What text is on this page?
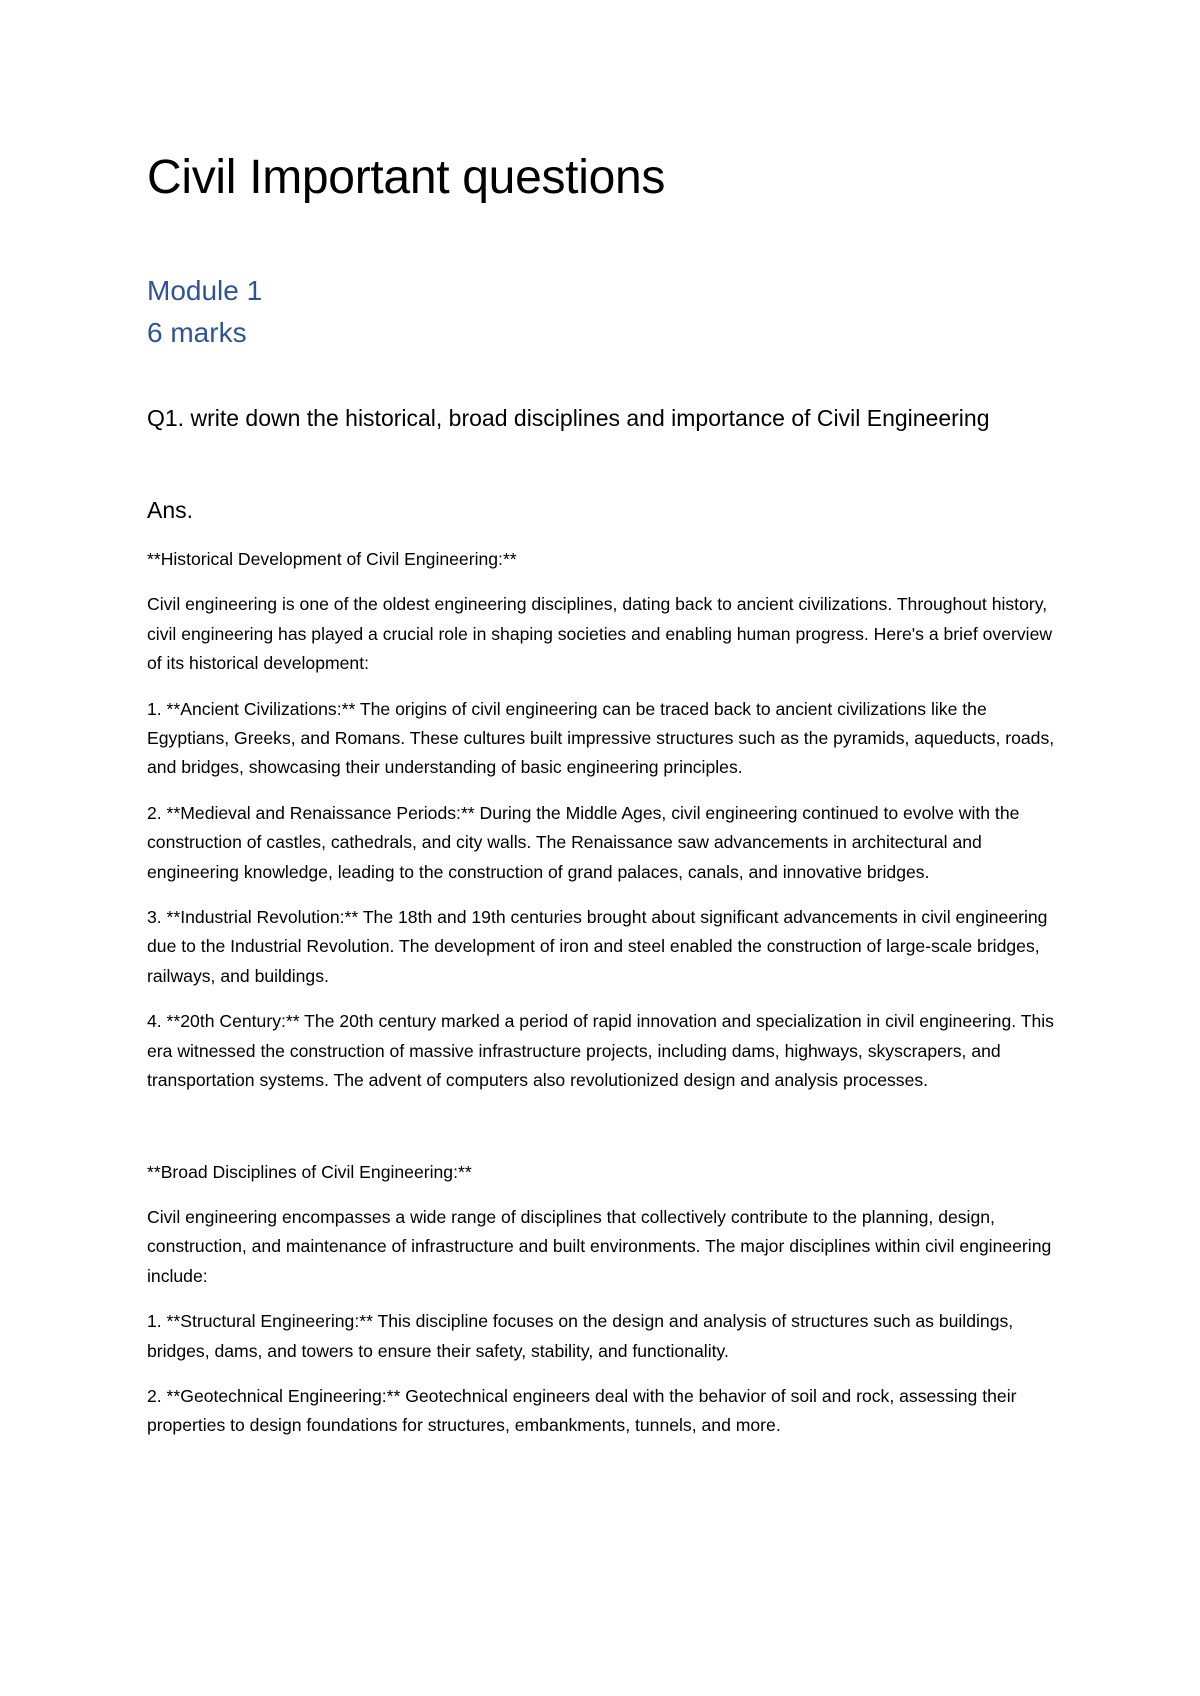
Civil Important questions
Module 1
6 marks
Q1. write down the historical, broad disciplines and importance of Civil Engineering
Ans.

**Historical Development of Civil Engineering:**

Civil engineering is one of the oldest engineering disciplines, dating back to ancient civilizations. Throughout history, civil engineering has played a crucial role in shaping societies and enabling human progress. Here's a brief overview of its historical development:

1. **Ancient Civilizations:** The origins of civil engineering can be traced back to ancient civilizations like the Egyptians, Greeks, and Romans. These cultures built impressive structures such as the pyramids, aqueducts, roads, and bridges, showcasing their understanding of basic engineering principles.

2. **Medieval and Renaissance Periods:** During the Middle Ages, civil engineering continued to evolve with the construction of castles, cathedrals, and city walls. The Renaissance saw advancements in architectural and engineering knowledge, leading to the construction of grand palaces, canals, and innovative bridges.

3. **Industrial Revolution:** The 18th and 19th centuries brought about significant advancements in civil engineering due to the Industrial Revolution. The development of iron and steel enabled the construction of large-scale bridges, railways, and buildings.

4. **20th Century:** The 20th century marked a period of rapid innovation and specialization in civil engineering. This era witnessed the construction of massive infrastructure projects, including dams, highways, skyscrapers, and transportation systems. The advent of computers also revolutionized design and analysis processes.

**Broad Disciplines of Civil Engineering:**

Civil engineering encompasses a wide range of disciplines that collectively contribute to the planning, design, construction, and maintenance of infrastructure and built environments. The major disciplines within civil engineering include:

1. **Structural Engineering:** This discipline focuses on the design and analysis of structures such as buildings, bridges, dams, and towers to ensure their safety, stability, and functionality.

2. **Geotechnical Engineering:** Geotechnical engineers deal with the behavior of soil and rock, assessing their properties to design foundations for structures, embankments, tunnels, and more.
